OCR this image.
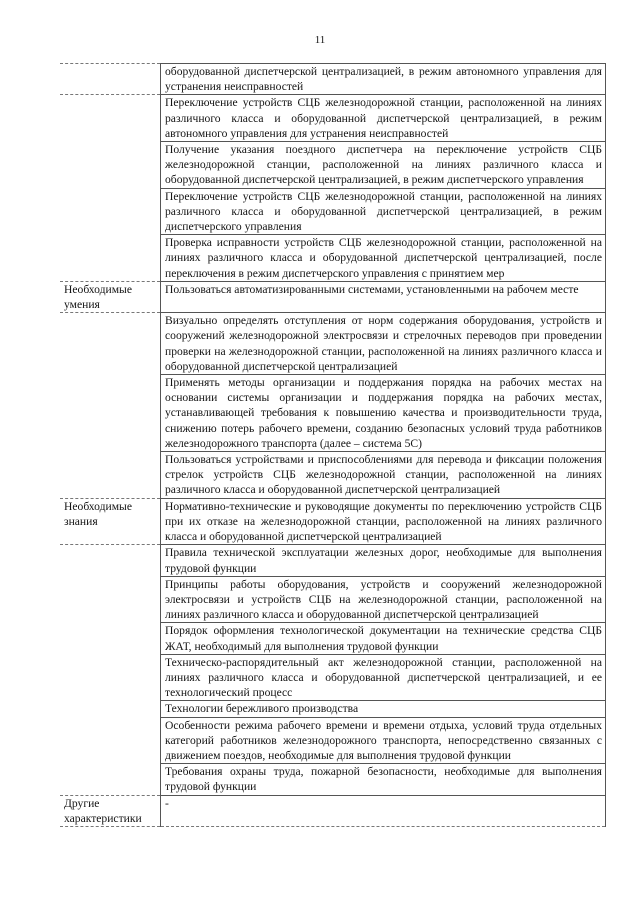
11
	оборудованной диспетчерской централизацией, в режим автономного управления для устранения неисправностей
	Переключение устройств СЦБ железнодорожной станции, расположенной на линиях различного класса и оборудованной диспетчерской централизацией, в режим автономного управления для устранения неисправностей
	Получение указания поездного диспетчера на переключение устройств СЦБ железнодорожной станции, расположенной на линиях различного класса и оборудованной диспетчерской централизацией, в режим диспетчерского управления
	Переключение устройств СЦБ железнодорожной станции, расположенной на линиях различного класса и оборудованной диспетчерской централизацией, в режим диспетчерского управления
	Проверка исправности устройств СЦБ железнодорожной станции, расположенной на линиях различного класса и оборудованной диспетчерской централизацией, после переключения в режим диспетчерского управления с принятием мер
Необходимые умения	Пользоваться автоматизированными системами, установленными на рабочем месте
	Визуально определять отступления от норм содержания оборудования, устройств и сооружений железнодорожной электросвязи и стрелочных переводов при проведении проверки на железнодорожной станции, расположенной на линиях различного класса и оборудованной диспетчерской централизацией
	Применять методы организации и поддержания порядка на рабочих местах на основании системы организации и поддержания порядка на рабочих местах, устанавливающей требования к повышению качества и производительности труда, снижению потерь рабочего времени, созданию безопасных условий труда работников железнодорожного транспорта (далее – система 5С)
	Пользоваться устройствами и приспособлениями для перевода и фиксации положения стрелок устройств СЦБ железнодорожной станции, расположенной на линиях различного класса и оборудованной диспетчерской централизацией
Необходимые знания	Нормативно-технические и руководящие документы по переключению устройств СЦБ при их отказе на железнодорожной станции, расположенной на линиях различного класса и оборудованной диспетчерской централизацией
	Правила технической эксплуатации железных дорог, необходимые для выполнения трудовой функции
	Принципы работы оборудования, устройств и сооружений железнодорожной электросвязи и устройств СЦБ на железнодорожной станции, расположенной на линиях различного класса и оборудованной диспетчерской централизацией
	Порядок оформления технологической документации на технические средства СЦБ ЖАТ, необходимый для выполнения трудовой функции
	Техническо-распорядительный акт железнодорожной станции, расположенной на линиях различного класса и оборудованной диспетчерской централизацией, и ее технологический процесс
	Технологии бережливого производства
	Особенности режима рабочего времени и времени отдыха, условий труда отдельных категорий работников железнодорожного транспорта, непосредственно связанных с движением поездов, необходимые для выполнения трудовой функции
	Требования охраны труда, пожарной безопасности, необходимые для выполнения трудовой функции
Другие характеристики	-
